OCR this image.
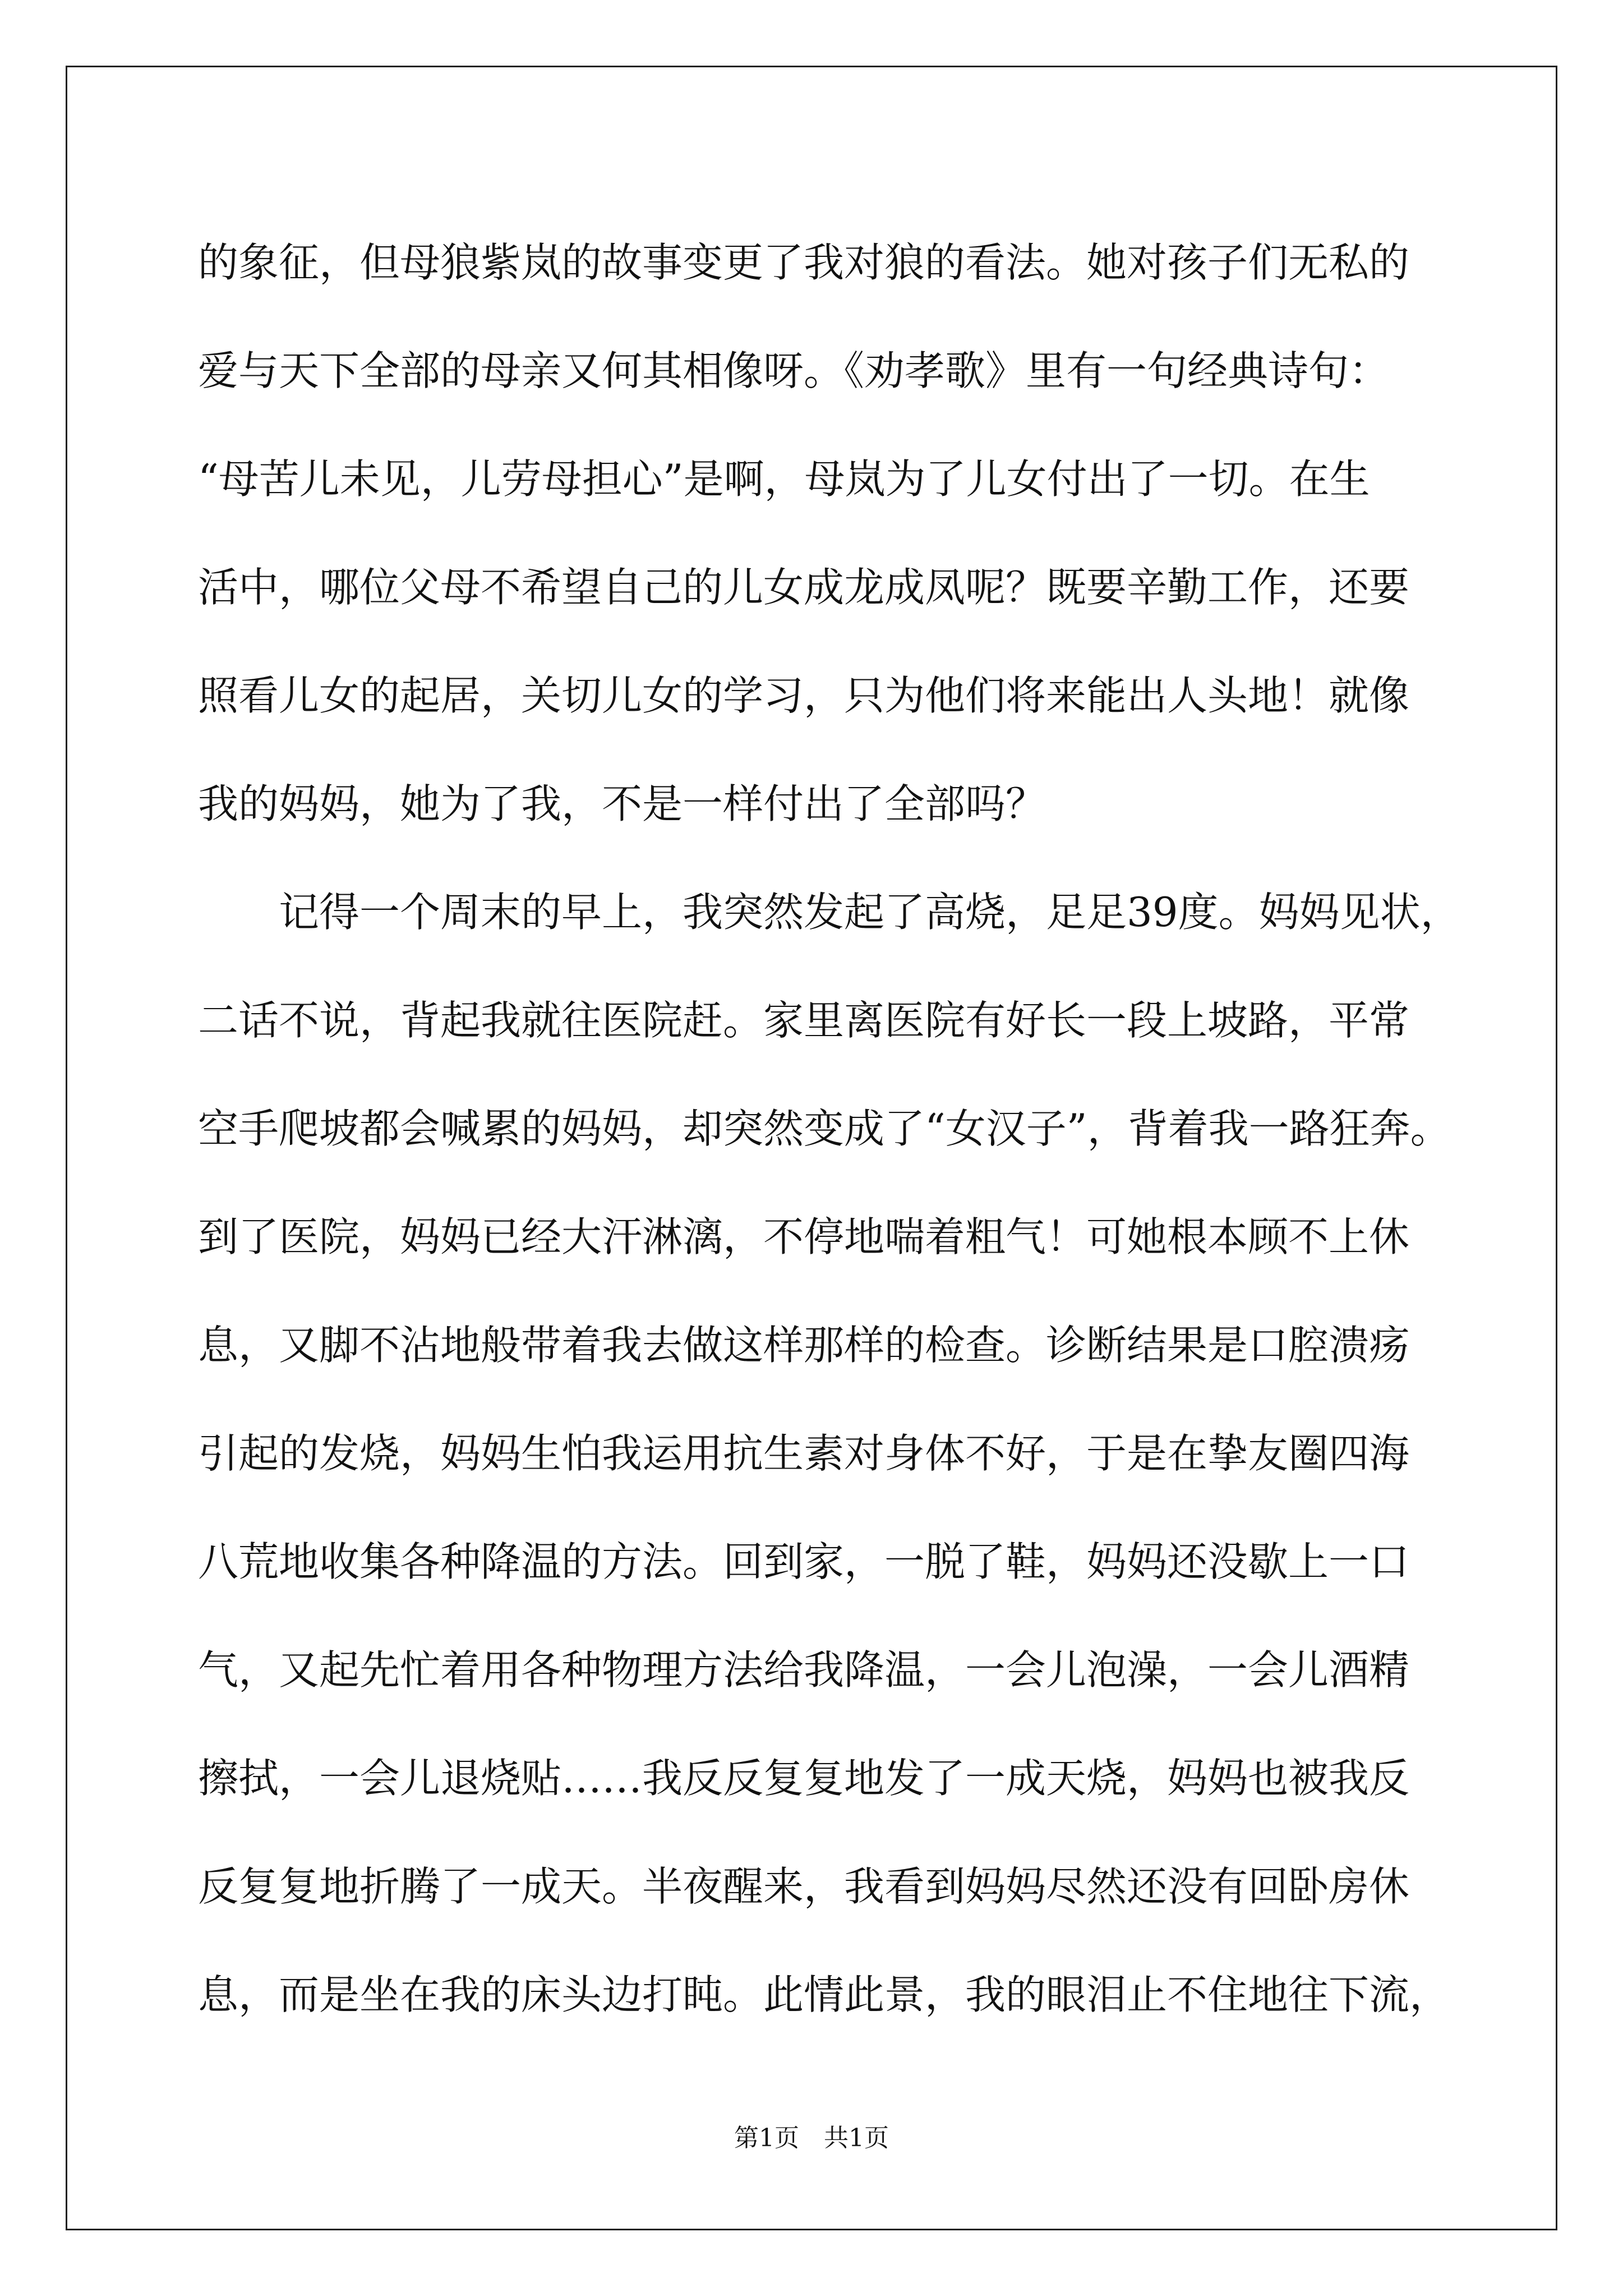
的象征，但母狼紫岚的故事变更了我对狼的看法。她对孩子们无私的
爱与天下全部的母亲又何其相像呀。《劝孝歌》里有一句经典诗句：
“母苦儿未见，儿劳母担心”是啊，母岚为了儿女付出了一切。在生
活中，哪位父母不希望自己的儿女成龙成凤呢？既要辛勤工作，还要
照看儿女的起居，关切儿女的学习，只为他们将来能出人头地！就像
我的妈妈，她为了我，不是一样付出了全部吗？
记得一个周末的早上，我突然发起了高烧，足足39度。妈妈见状，
二话不说，背起我就往医院赶。家里离医院有好长一段上坡路，平常
空手爬坡都会喊累的妈妈，却突然变成了“女汉子”，背着我一路狂奔。
到了医院，妈妈已经大汗淋漓，不停地喘着粗气！可她根本顾不上休
息，又脚不沾地般带着我去做这样那样的检查。诊断结果是口腔溃疡
引起的发烧，妈妈生怕我运用抗生素对身体不好，于是在挚友圈四海
八荒地收集各种降温的方法。回到家，一脱了鞋，妈妈还没歇上一口
气，又起先忙着用各种物理方法给我降温，一会儿泡澡，一会儿酒精
擦拭，一会儿退烧贴……我反反复复地发了一成天烧，妈妈也被我反
反复复地折腾了一成天。半夜醒来，我看到妈妈尽然还没有回卧房休
息，而是坐在我的床头边打盹。此情此景，我的眼泪止不住地往下流，
第1页 共1页
